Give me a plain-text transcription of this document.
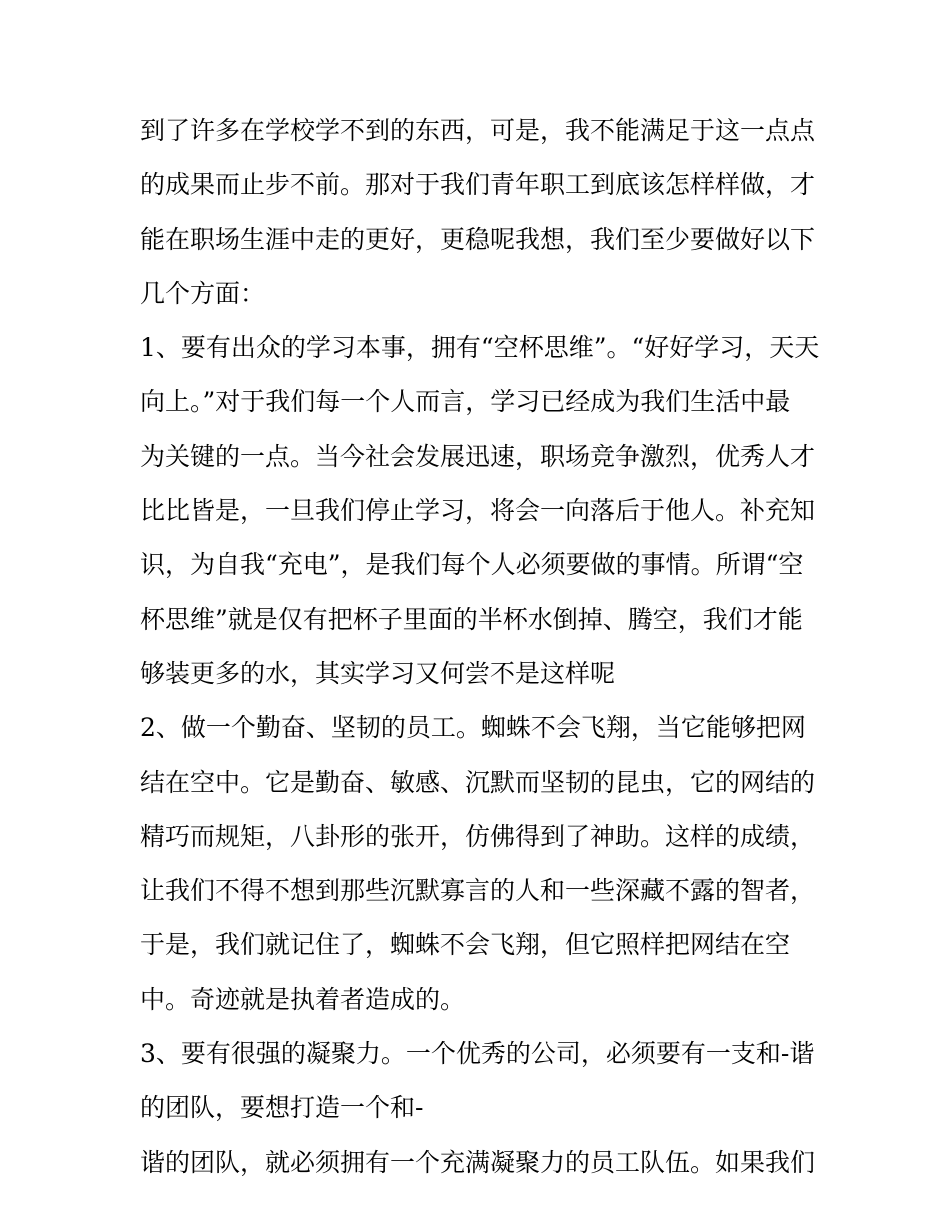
到了许多在学校学不到的东西，可是，我不能满足于这一点点
的成果而止步不前。那对于我们青年职工到底该怎样样做，才
能在职场生涯中走的更好，更稳呢我想，我们至少要做好以下
几个方面：
1、要有出众的学习本事，拥有“空杯思维”。“好好学习，天天
向上。”对于我们每一个人而言，学习已经成为我们生活中最
为关键的一点。当今社会发展迅速，职场竞争激烈，优秀人才
比比皆是，一旦我们停止学习，将会一向落后于他人。补充知
识，为自我“充电”，是我们每个人必须要做的事情。所谓“空
杯思维”就是仅有把杯子里面的半杯水倒掉、腾空，我们才能
够装更多的水，其实学习又何尝不是这样呢
2、做一个勤奋、坚韧的员工。蜘蛛不会飞翔，当它能够把网
结在空中。它是勤奋、敏感、沉默而坚韧的昆虫，它的网结的
精巧而规矩，八卦形的张开，仿佛得到了神助。这样的成绩，
让我们不得不想到那些沉默寡言的人和一些深藏不露的智者，
于是，我们就记住了，蜘蛛不会飞翔，但它照样把网结在空
中。奇迹就是执着者造成的。
3、要有很强的凝聚力。一个优秀的公司，必须要有一支和-谐
的团队，要想打造一个和-
谐的团队，就必须拥有一个充满凝聚力的员工队伍。如果我们
